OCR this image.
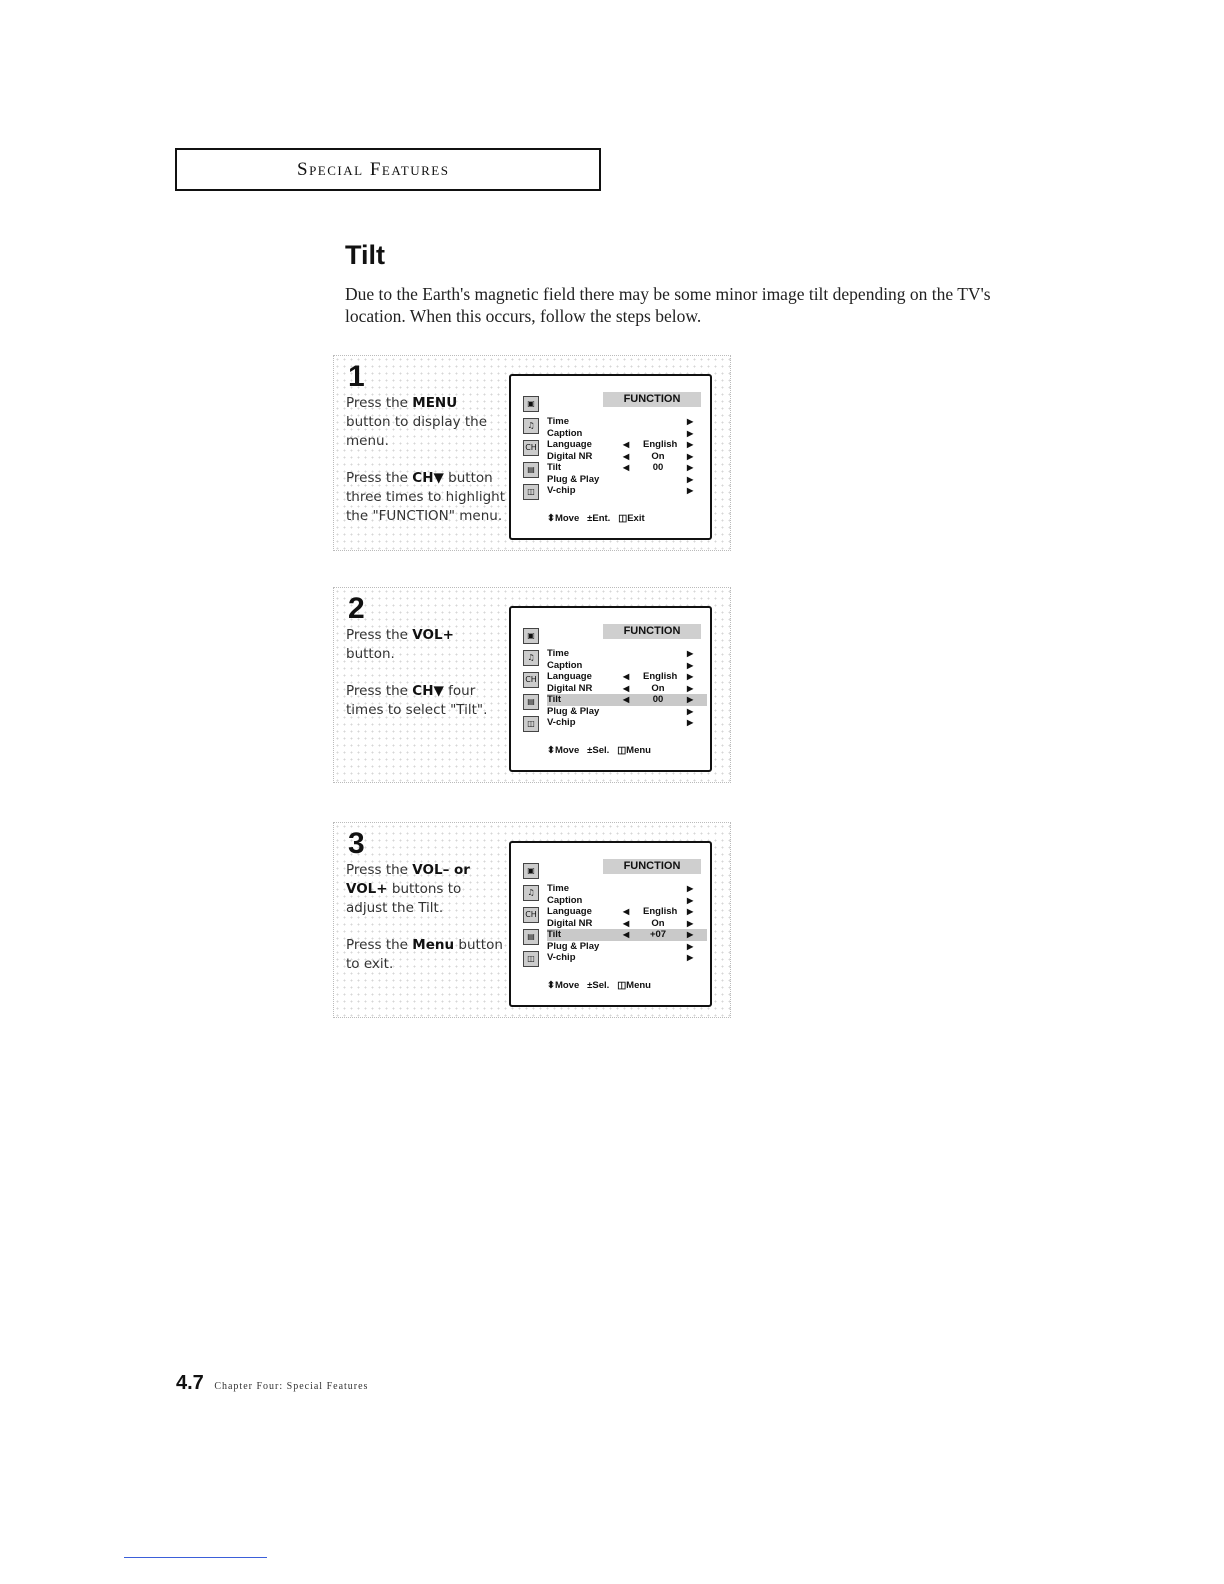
Special Features
Tilt
Due to the Earth's magnetic field there may be some minor image tilt depending on the TV's location. When this occurs, follow the steps below.
1

Press the MENU button to display the menu.

Press the CH▼ button three times to highlight the "FUNCTION" menu.

▣
♫
CH
▤
◫
FUNCTION
Time	▶
Caption	▶
Language	◀ English ▶
Digital NR	◀	On	▶
Tilt	◀	00	▶
Plug & Play	▶
V-chip	▶
⬍Move   ±Ent.   ◫Exit
2

Press the VOL+ button.

Press the CH▼ four times to select "Tilt".

▣
♫
CH
▤
◫
FUNCTION
Time	▶
Caption	▶
Language	◀ English ▶
Digital NR	◀	On	▶
Tilt	◀	00	▶
Plug & Play	▶
V-chip	▶
⬍Move   ±Sel.   ◫Menu
3

Press the VOL– or VOL+ buttons to adjust the Tilt.

Press the Menu button to exit.

▣
♫
CH
▤
◫
FUNCTION
Time	▶
Caption	▶
Language	◀ English ▶
Digital NR	◀	On	▶
Tilt	◀	+07	▶
Plug & Play	▶
V-chip	▶
⬍Move   ±Sel.   ◫Menu
4.7 Chapter Four: Special Features
